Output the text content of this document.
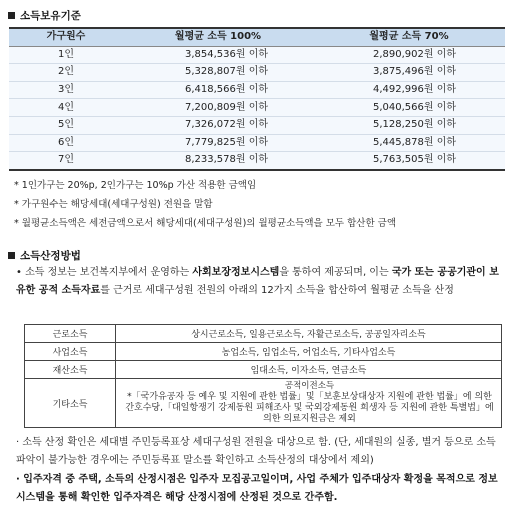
소득보유기준
가구원수	월평균 소득 100%	월평균 소득 70%
1인	3,854,536원 이하	2,890,902원 이하
2인	5,328,807원 이하	3,875,496원 이하
3인	6,418,566원 이하	4,492,996원 이하
4인	7,200,809원 이하	5,040,566원 이하
5인	7,326,072원 이하	5,128,250원 이하
6인	7,779,825원 이하	5,445,878원 이하
7인	8,233,578원 이하	5,763,505원 이하
* 1인가구는 20%p, 2인가구는 10%p 가산 적용한 금액임
* 가구원수는 해당세대(세대구성원) 전원을 말함
* 월평균소득액은 세전금액으로서 해당세대(세대구성원)의 월평균소득액을 모두 합산한 금액
소득산정방법
• 소득 정보는 보건복지부에서 운영하는 사회보장정보시스템을 통하여 제공되며, 이는 국가 또는 공공기관이 보유한 공적 소득자료를 근거로 세대구성원 전원의 아래의 12가지 소득을 합산하여 월평균 소득을 산정
근로소득	상시근로소득, 일용근로소득, 자활근로소득, 공공일자리소득
사업소득	농업소득, 임업소득, 어업소득, 기타사업소득
재산소득	임대소득, 이자소득, 연금소득
기타소득	공적이전소득
*「국가유공자 등 예우 및 지원에 관한 법률」및「보훈보상대상자 지원에 관한 법률」에 의한 간호수당,「대일항쟁기 강제동원 피해조사 및 국외강제동원 희생자 등 지원에 관한 특별법」에 의한 의료지원금은 제외
· 소득 산정 확인은 세대별 주민등록표상 세대구성원 전원을 대상으로 함. (단, 세대원의 실종, 별거 등으로 소득파악이 불가능한 경우에는 주민등록표 말소를 확인하고 소득산정의 대상에서 제외)
· 입주자격 중 주택, 소득의 산정시점은 입주자 모집공고일이며, 사업 주체가 입주대상자 확정을 목적으로 정보시스템을 통해 확인한 입주자격은 해당 산정시점에 산정된 것으로 간주함.
